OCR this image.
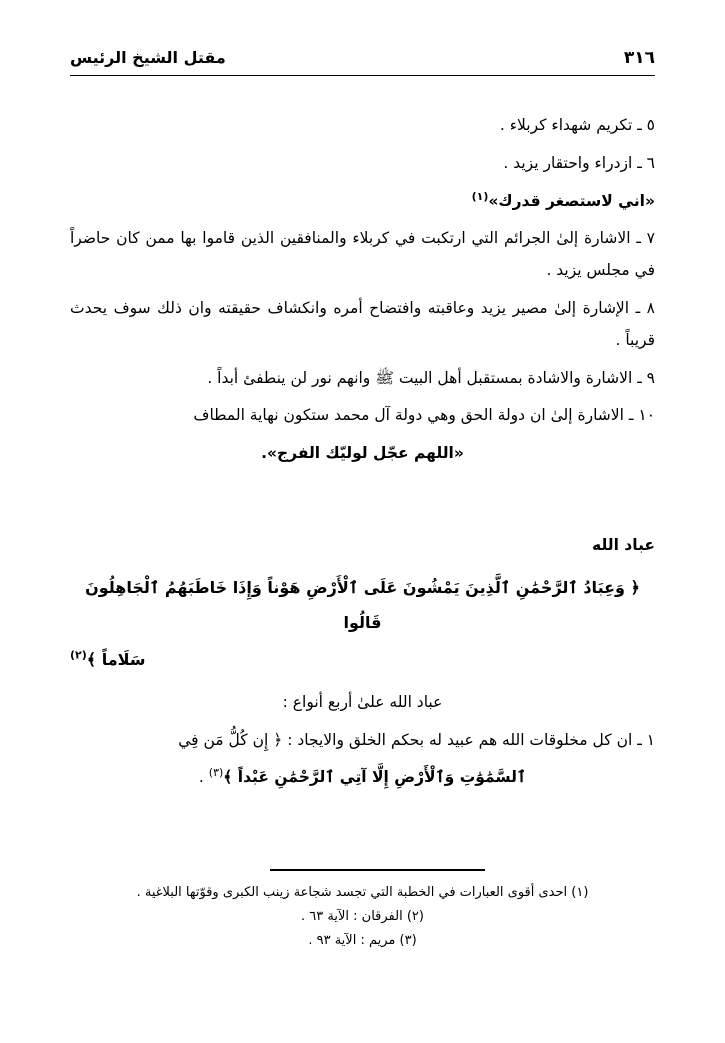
مقتل الشيخ الرئيس	٣١٦

٥ ـ تكريم شهداء كربلاء .

٦ ـ ازدراء واحتقار يزيد .

«اني لاستصغر قدرك»$^{(١)}$

٧ ـ الاشارة إلىٰ الجرائم التي ارتكبت في كربلاء والمنافقين الذين قاموا بها ممن كان حاضراً في مجلس يزيد .

٨ ـ الإشارة إلىٰ مصير يزيد وعاقبته وافتضاح أمره وانكشاف حقيقته وان ذلك سوف يحدث قريباً .

٩ ـ الاشارة والاشادة بمستقبل أهل البيت ﷺ وانهم نور لن ينطفئ أبداً .

١٠ ـ الاشارة إلىٰ ان دولة الحق وهي دولة آل محمد ستكون نهاية المطاف

«اللهم عجّل لوليّك الفرج».

عباد الله

﴿ وَعِبَادُ ٱلرَّحْمَٰنِ ٱلَّذِينَ يَمْشُونَ عَلَى ٱلْأَرْضِ هَوْناً وَإِذَا خَاطَبَهُمُ ٱلْجَاهِلُونَ قَالُوا

سَلَاماً ﴾$^{(٢)}$

عباد الله علىٰ أربع أنواع :

١ ـ ان كل مخلوقات الله هم عبيد له بحكم الخلق والايجاد : ﴿ إِن كُلُّ مَن فِي

ٱلسَّمَٰوَٰتِ وَٱلْأَرْضِ إِلَّا آتِي ٱلرَّحْمَٰنِ عَبْداً ﴾$^{(٣)}$ .

(١) احدى أقوى العبارات في الخطبة التي تجسد شجاعة زينب الكبرى وقوّتها البلاغية .
(٢) الفرقان : الآية ٦٣ .
(٣) مريم : الآية ٩٣ .
